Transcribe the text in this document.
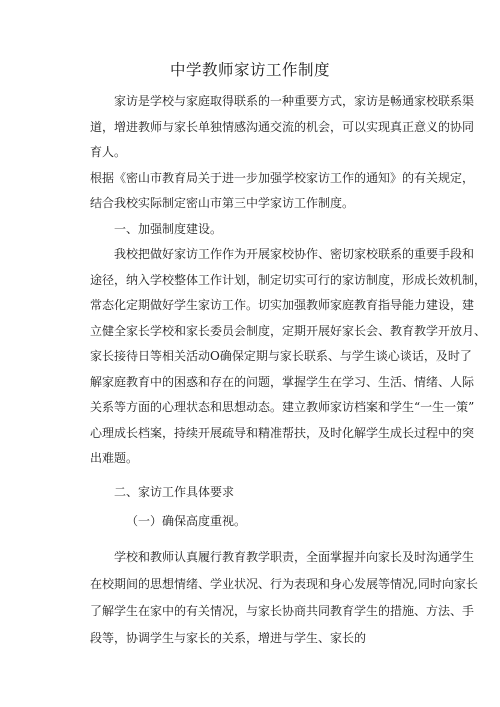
中学教师家访工作制度
家访是学校与家庭取得联系的一种重要方式，家访是畅通家校联系渠
道，增进教师与家长单独情感沟通交流的机会，可以实现真正意义的协同
育人。
根据《密山市教育局关于进一步加强学校家访工作的通知》的有关规定，
结合我校实际制定密山市第三中学家访工作制度。
一、加强制度建设。
我校把做好家访工作作为开展家校协作、密切家校联系的重要手段和
途径，纳入学校整体工作计划，制定切实可行的家访制度，形成长效机制，
常态化定期做好学生家访工作。切实加强教师家庭教育指导能力建设，建
立健全家长学校和家长委员会制度，定期开展好家长会、教育教学开放月、
家长接待日等相关活动O确保定期与家长联系、与学生谈心谈话，及时了
解家庭教育中的困惑和存在的问题，掌握学生在学习、生活、情绪、人际
关系等方面的心理状态和思想动态。建立教师家访档案和学生“一生一策”
心理成长档案，持续开展疏导和精准帮扶，及时化解学生成长过程中的突
出难题。
二、家访工作具体要求
（一）确保高度重视。
学校和教师认真履行教育教学职责，全面掌握并向家长及时沟通学生
在校期间的思想情绪、学业状况、行为表现和身心发展等情况,同时向家长
了解学生在家中的有关情况，与家长协商共同教育学生的措施、方法、手
段等，协调学生与家长的关系，增进与学生、家长的
